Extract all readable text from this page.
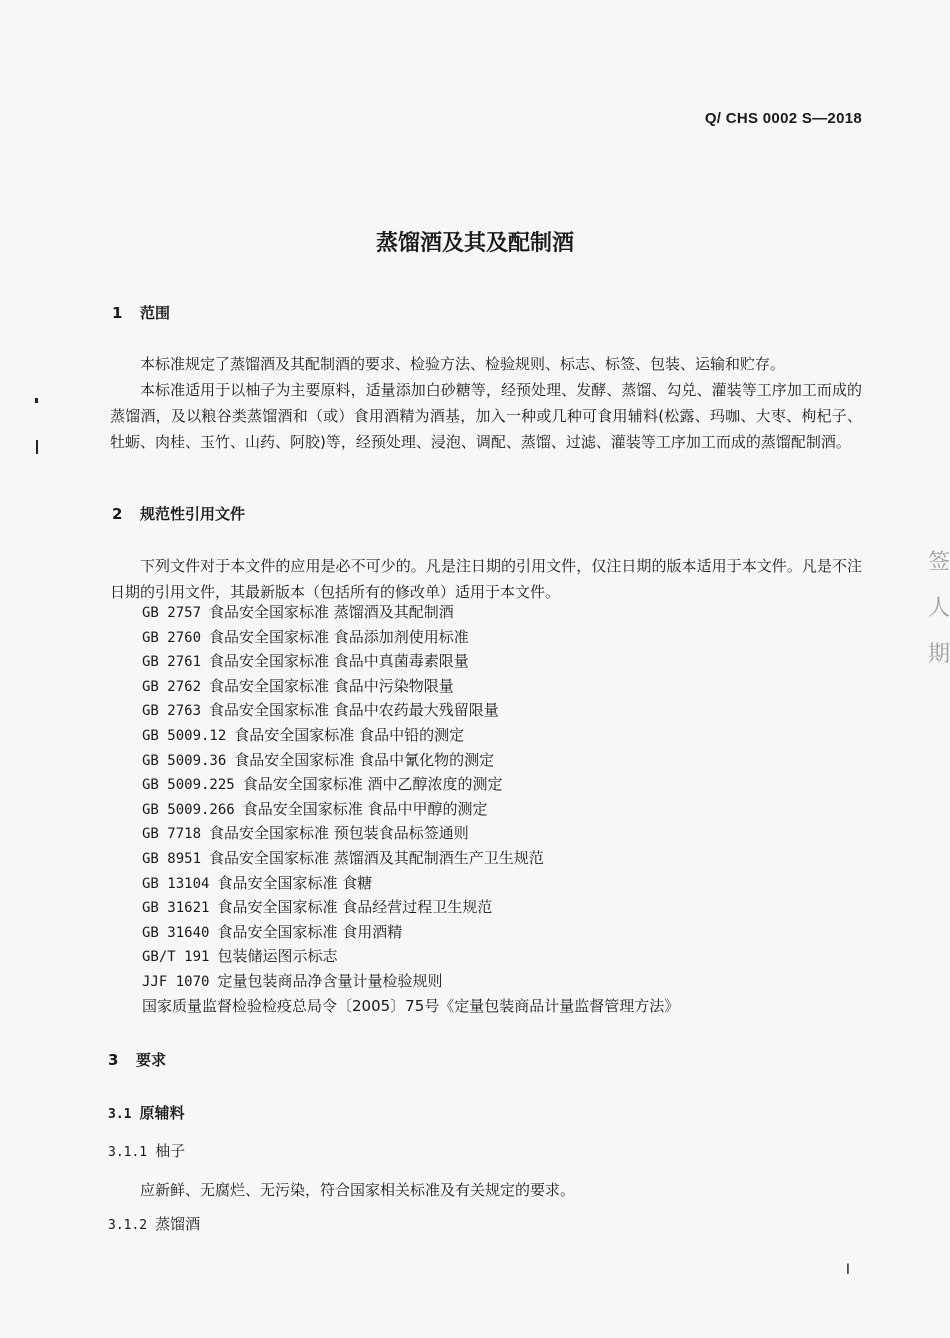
Q/ CHS 0002 S—2018
蒸馏酒及其及配制酒
1 范围

本标准规定了蒸馏酒及其配制酒的要求、检验方法、检验规则、标志、标签、包装、运输和贮存。

本标准适用于以柚子为主要原料，适量添加白砂糖等，经预处理、发酵、蒸馏、勾兑、灌装等工序加工而成的蒸馏酒，及以粮谷类蒸馏酒和（或）食用酒精为酒基，加入一种或几种可食用辅料(松露、玛咖、大枣、枸杞子、牡蛎、肉桂、玉竹、山药、阿胶)等，经预处理、浸泡、调配、蒸馏、过滤、灌装等工序加工而成的蒸馏配制酒。

2 规范性引用文件

下列文件对于本文件的应用是必不可少的。凡是注日期的引用文件，仅注日期的版本适用于本文件。凡是不注日期的引用文件，其最新版本（包括所有的修改单）适用于本文件。

GB 2757 食品安全国家标准 蒸馏酒及其配制酒
GB 2760 食品安全国家标准 食品添加剂使用标准
GB 2761 食品安全国家标准 食品中真菌毒素限量
GB 2762 食品安全国家标准 食品中污染物限量
GB 2763 食品安全国家标准 食品中农药最大残留限量
GB 5009.12 食品安全国家标准 食品中铅的测定
GB 5009.36 食品安全国家标准 食品中氰化物的测定
GB 5009.225 食品安全国家标准 酒中乙醇浓度的测定
GB 5009.266 食品安全国家标准 食品中甲醇的测定
GB 7718 食品安全国家标准 预包装食品标签通则
GB 8951 食品安全国家标准 蒸馏酒及其配制酒生产卫生规范
GB 13104 食品安全国家标准 食糖
GB 31621 食品安全国家标准 食品经营过程卫生规范
GB 31640 食品安全国家标准 食用酒精
GB/T 191 包装储运图示标志
JJF 1070 定量包装商品净含量计量检验规则
国家质量监督检验检疫总局令〔2005〕75号《定量包装商品计量监督管理方法》
3 要求
3.1 原辅料
3.1.1 柚子

应新鲜、无腐烂、无污染，符合国家相关标准及有关规定的要求。

3.1.2 蒸馏酒
I
签
人
期
